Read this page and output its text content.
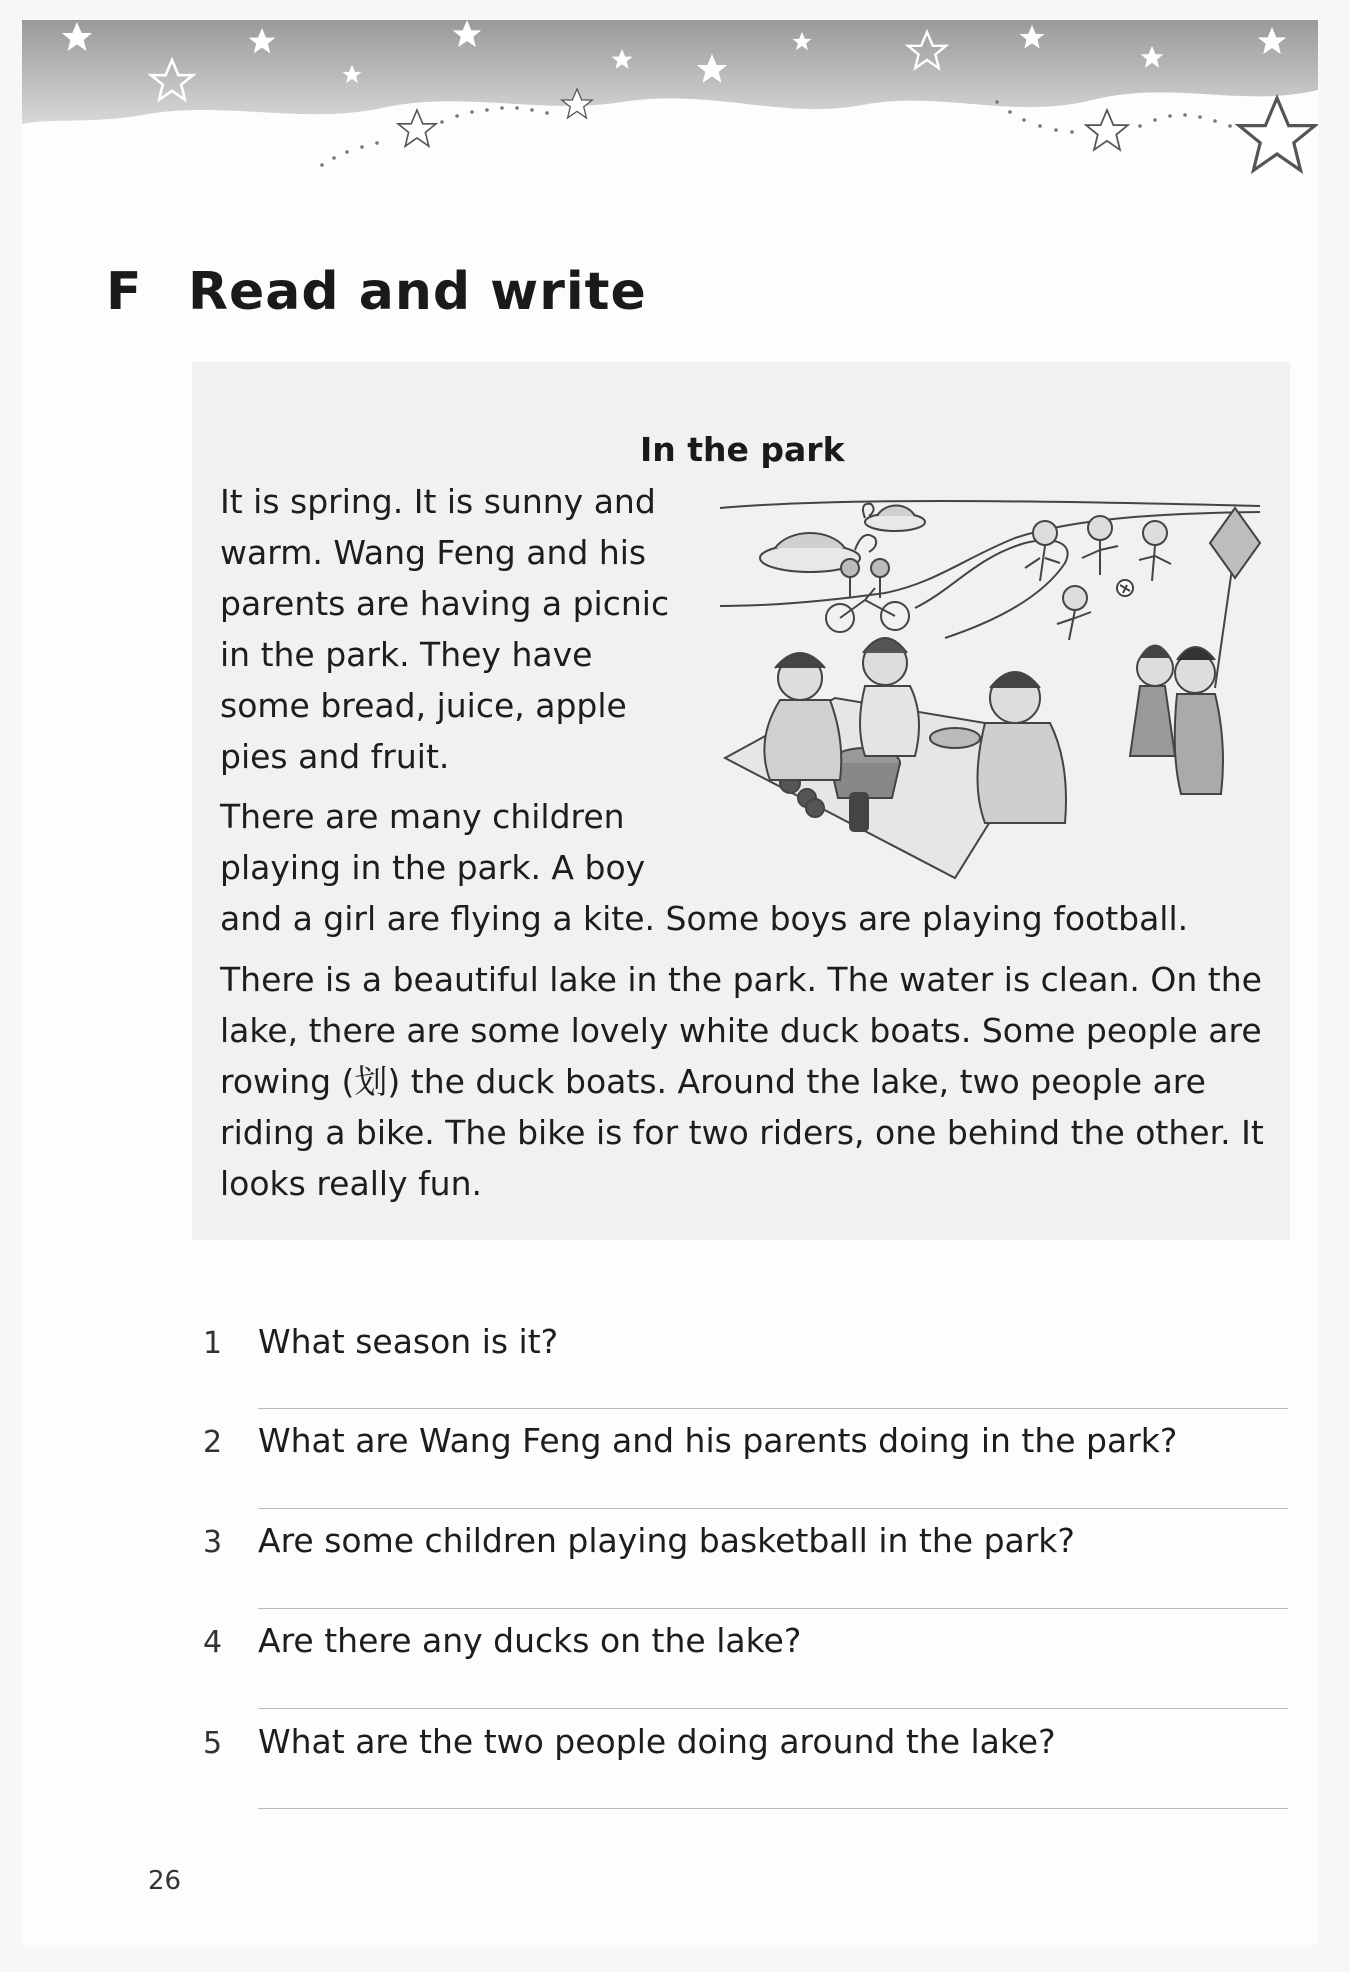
F Read and write
In the park

It is spring. It is sunny and

warm. Wang Feng and his

parents are having a picnic

in the park. They have

some bread, juice, apple

pies and fruit.

There are many children

playing in the park. A boy

and a girl are flying a kite. Some boys are playing football.

There is a beautiful lake in the park. The water is clean. On the

lake, there are some lovely white duck boats. Some people are

rowing (划) the duck boats. Around the lake, two people are

riding a bike. The bike is for two riders, one behind the other. It

looks really fun.

1 What season is it?
2 What are Wang Feng and his parents doing in the park?
3 Are some children playing basketball in the park?
4 Are there any ducks on the lake?
5 What are the two people doing around the lake?
26
